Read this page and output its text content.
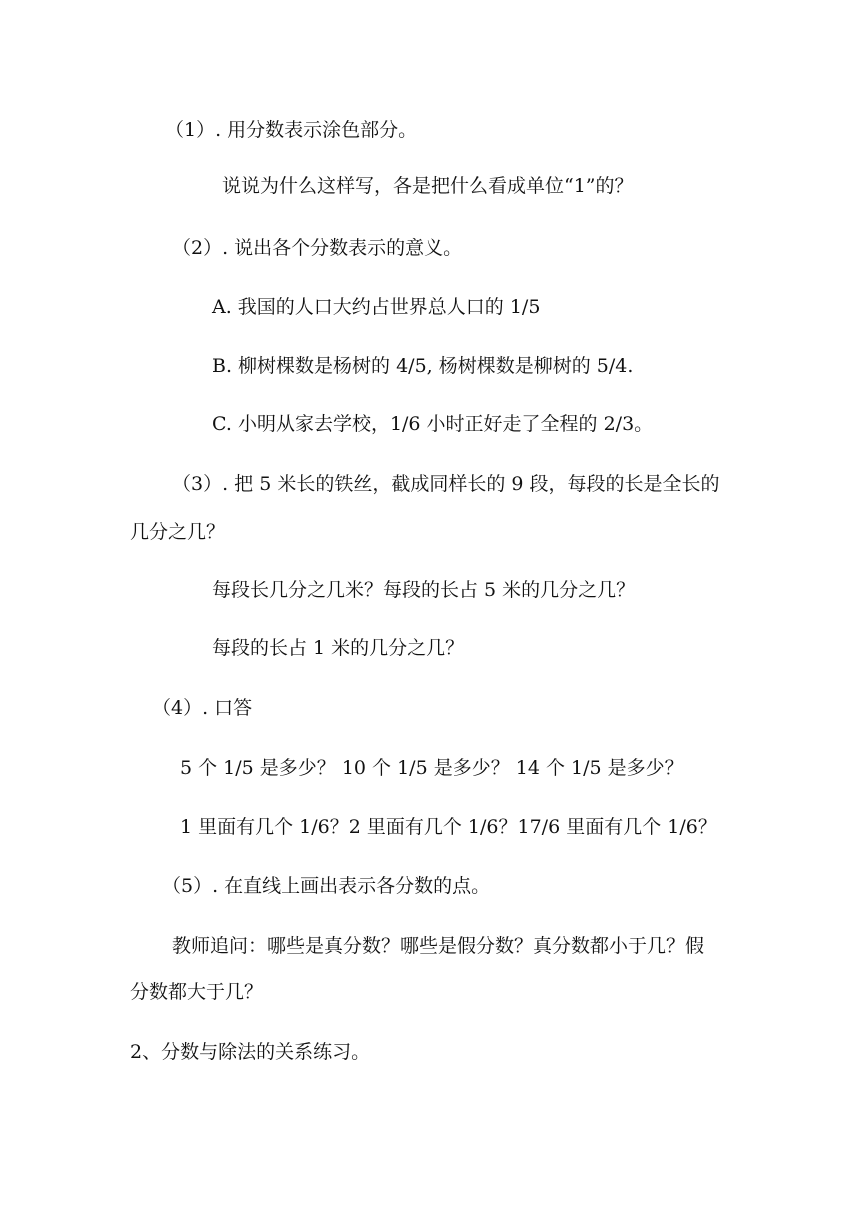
（1）. 用分数表示涂色部分。
说说为什么这样写，各是把什么看成单位“1”的？
（2）. 说出各个分数表示的意义。
A. 我国的人口大约占世界总人口的 1/5
B. 柳树棵数是杨树的 4/5, 杨树棵数是柳树的 5/4.
C. 小明从家去学校，1/6 小时正好走了全程的 2/3。
（3）. 把 5 米长的铁丝，截成同样长的 9 段，每段的长是全长的
几分之几？
每段长几分之几米？每段的长占 5 米的几分之几？
每段的长占 1 米的几分之几？
（4）. 口答
5 个 1/5 是多少？ 10 个 1/5 是多少？ 14 个 1/5 是多少？
1 里面有几个 1/6？2 里面有几个 1/6？17/6 里面有几个 1/6？
（5）. 在直线上画出表示各分数的点。
教师追问：哪些是真分数？哪些是假分数？真分数都小于几？假
分数都大于几？
2、分数与除法的关系练习。
